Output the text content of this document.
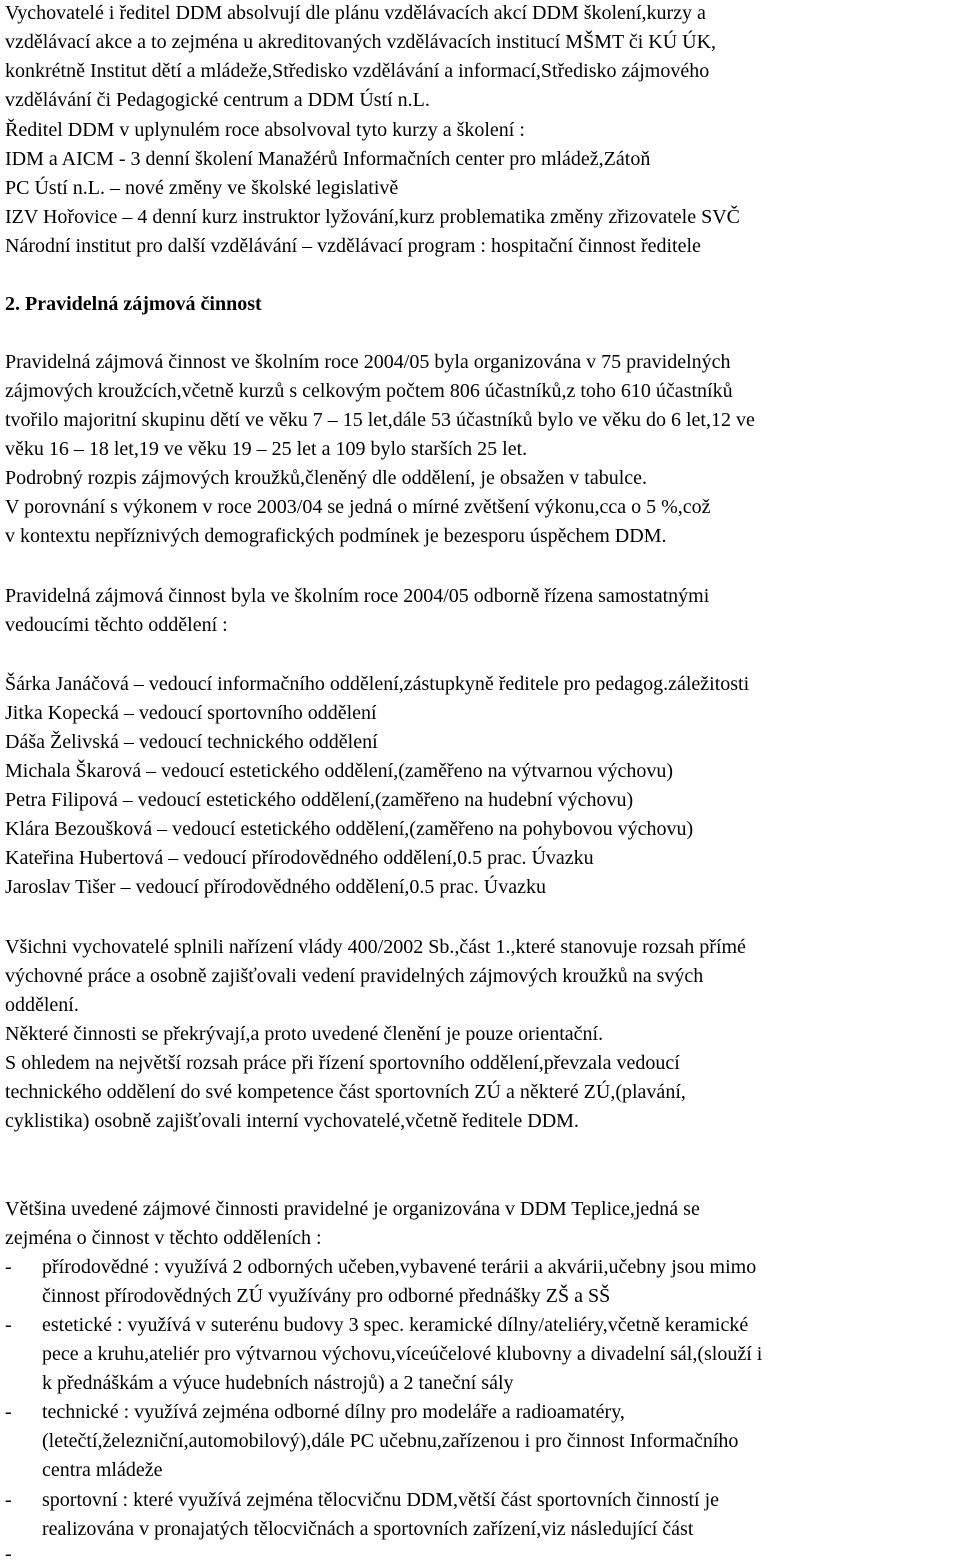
Vychovatelé i ředitel DDM absolvují dle plánu vzdělávacích akcí DDM školení,kurzy a
vzdělávací akce a to zejména u akreditovaných vzdělávacích institucí MŠMT či KÚ ÚK,
konkrétně Institut dětí a mládeže,Středisko vzdělávání a informací,Středisko zájmového
vzdělávání či Pedagogické centrum a DDM Ústí n.L.
Ředitel DDM v uplynulém roce absolvoval tyto kurzy a školení :
IDM a AICM - 3 denní školení Manažérů Informačních center pro mládež,Zátoň
PC Ústí n.L. – nové změny ve školské legislativě
IZV Hořovice – 4 denní kurz instruktor lyžování,kurz problematika změny zřizovatele SVČ
Národní institut pro další vzdělávání – vzdělávací program : hospitační činnost ředitele
2. Pravidelná zájmová činnost
Pravidelná zájmová činnost ve školním roce 2004/05 byla organizována v 75 pravidelných
zájmových kroužcích,včetně kurzů s celkovým počtem 806 účastníků,z toho 610 účastníků
tvořilo majoritní skupinu dětí ve věku 7 – 15 let,dále 53 účastníků bylo ve věku do 6 let,12 ve
věku 16 – 18 let,19 ve věku 19 – 25 let a 109 bylo starších 25 let.
Podrobný rozpis zájmových kroužků,členěný dle oddělení, je obsažen v tabulce.
V porovnání s výkonem v roce 2003/04 se jedná o mírné zvětšení výkonu,cca o 5 %,což
v kontextu nepříznivých demografických podmínek je bezesporu úspěchem DDM.
Pravidelná zájmová činnost byla ve školním roce 2004/05 odborně řízena samostatnými
vedoucími těchto oddělení :
Šárka Janáčová – vedoucí informačního oddělení,zástupkyně ředitele pro pedagog.záležitosti
Jitka Kopecká – vedoucí sportovního oddělení
Dáša Želivská – vedoucí technického oddělení
Michala Škarová – vedoucí estetického oddělení,(zaměřeno na výtvarnou výchovu)
Petra Filipová – vedoucí estetického oddělení,(zaměřeno na hudební výchovu)
Klára Bezoušková – vedoucí estetického oddělení,(zaměřeno na pohybovou výchovu)
Kateřina Hubertová – vedoucí přírodovědného oddělení,0.5 prac. Úvazku
Jaroslav Tišer – vedoucí přírodovědného oddělení,0.5 prac. Úvazku
Všichni vychovatelé splnili nařízení vlády 400/2002 Sb.,část 1.,které stanovuje rozsah přímé
výchovné práce a osobně zajišťovali vedení pravidelných zájmových kroužků na svých
oddělení.
Některé činnosti se překrývají,a proto uvedené členění je pouze orientační.
S ohledem na největší rozsah práce při řízení sportovního oddělení,převzala vedoucí
technického oddělení do své kompetence část sportovních ZÚ a některé ZÚ,(plavání,
cyklistika) osobně zajišťovali interní vychovatelé,včetně ředitele DDM.
Většina uvedené zájmové činnosti pravidelné je organizována v DDM Teplice,jedná se
zejména o činnost v těchto odděleních :
- přírodovědné : využívá 2 odborných učeben,vybavené terárii a akvárii,učebny jsou mimo
činnost přírodovědných ZÚ využívány pro odborné přednášky ZŠ a SŠ
- estetické : využívá v suterénu budovy 3 spec. keramické dílny/ateliéry,včetně keramické
pece a kruhu,ateliér pro výtvarnou výchovu,víceúčelové klubovny a divadelní sál,(slouží i
k přednáškám a výuce hudebních nástrojů) a 2 taneční sály
- technické : využívá zejména odborné dílny pro modeláře a radioamatéry,
(letečtí,železniční,automobilový),dále PC učebnu,zařízenou i pro činnost Informačního
centra mládeže
- sportovní : které využívá zejména tělocvičnu DDM,větší část sportovních činností je
realizována v pronajatých tělocvičnách a sportovních zařízení,viz následující část
-
